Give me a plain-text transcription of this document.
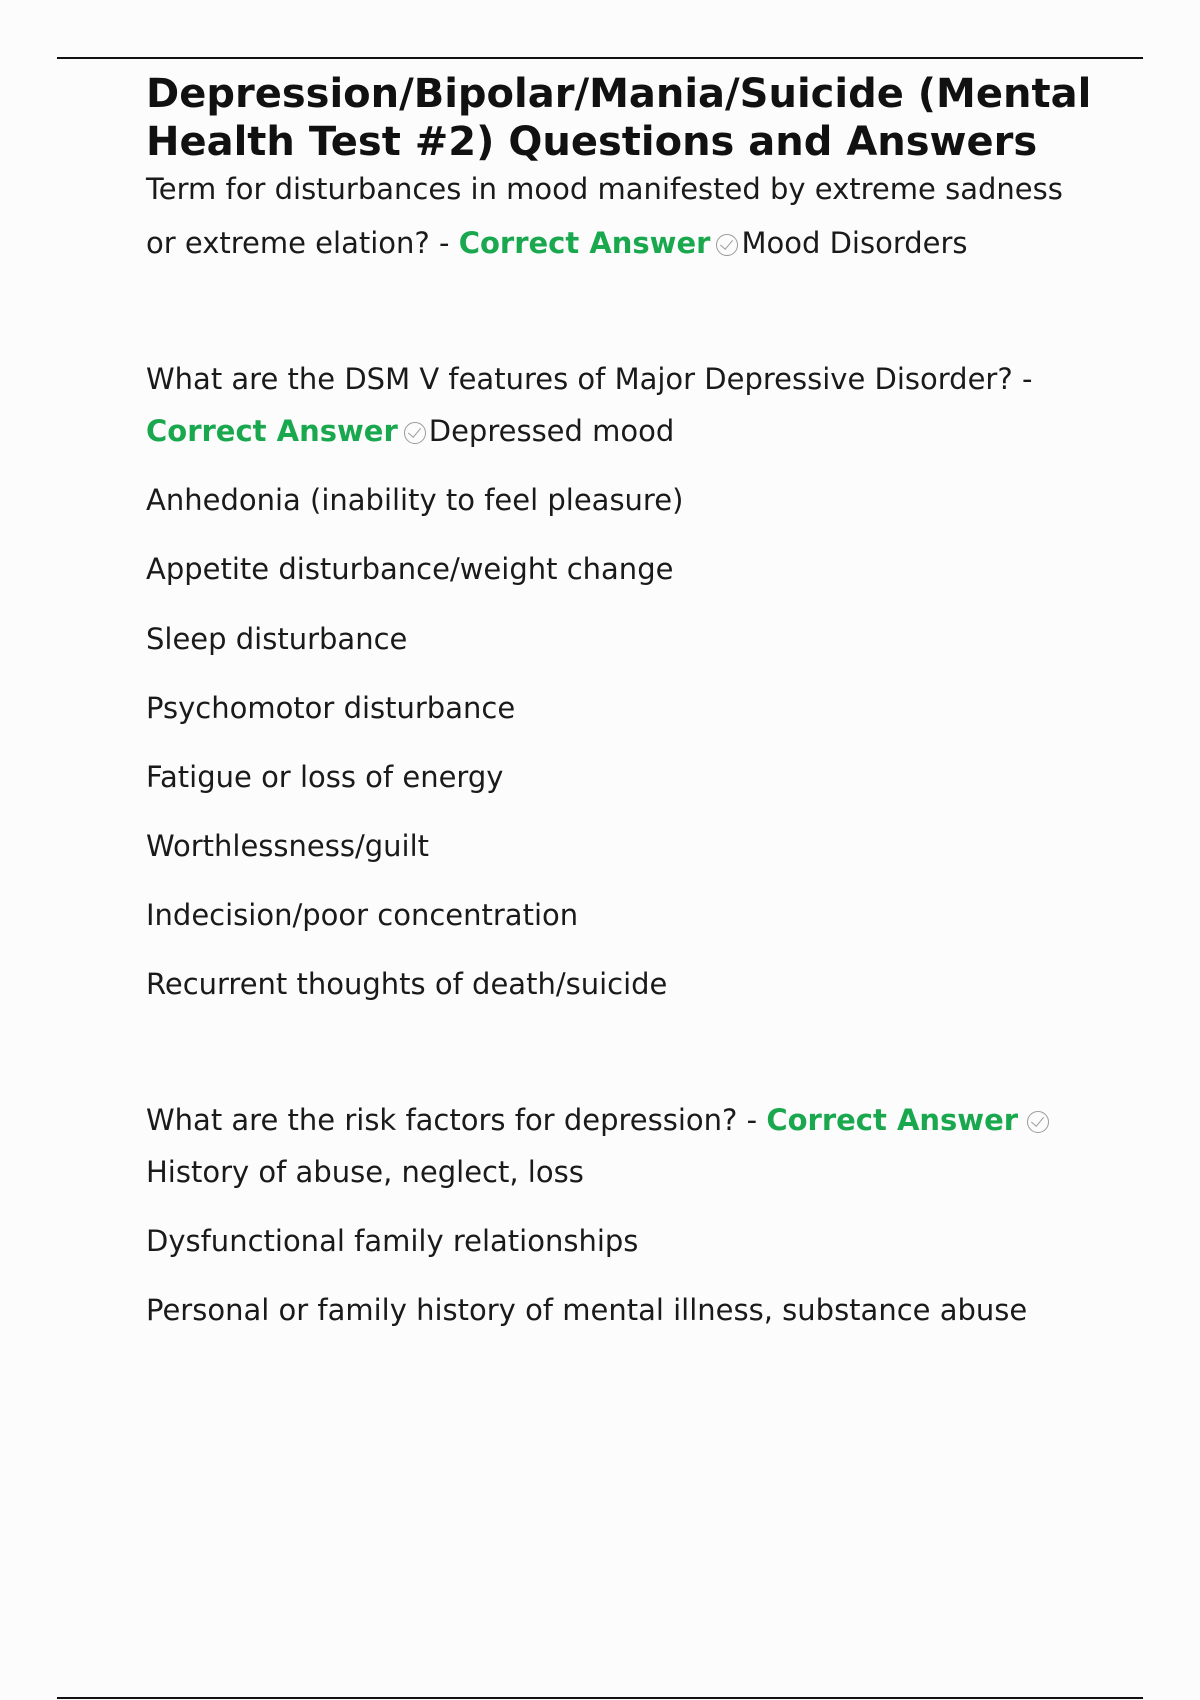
Depression/Bipolar/Mania/Suicide (Mental Health Test #2) Questions and Answers

Term for disturbances in mood manifested by extreme sadness or extreme elation? - Correct Answer Mood Disorders

What are the DSM V features of Major Depressive Disorder? - Correct Answer Depressed mood

Anhedonia (inability to feel pleasure)

Appetite disturbance/weight change

Sleep disturbance

Psychomotor disturbance

Fatigue or loss of energy

Worthlessness/guilt

Indecision/poor concentration

Recurrent thoughts of death/suicide

What are the risk factors for depression? - Correct Answer History of abuse, neglect, loss

Dysfunctional family relationships

Personal or family history of mental illness, substance abuse
